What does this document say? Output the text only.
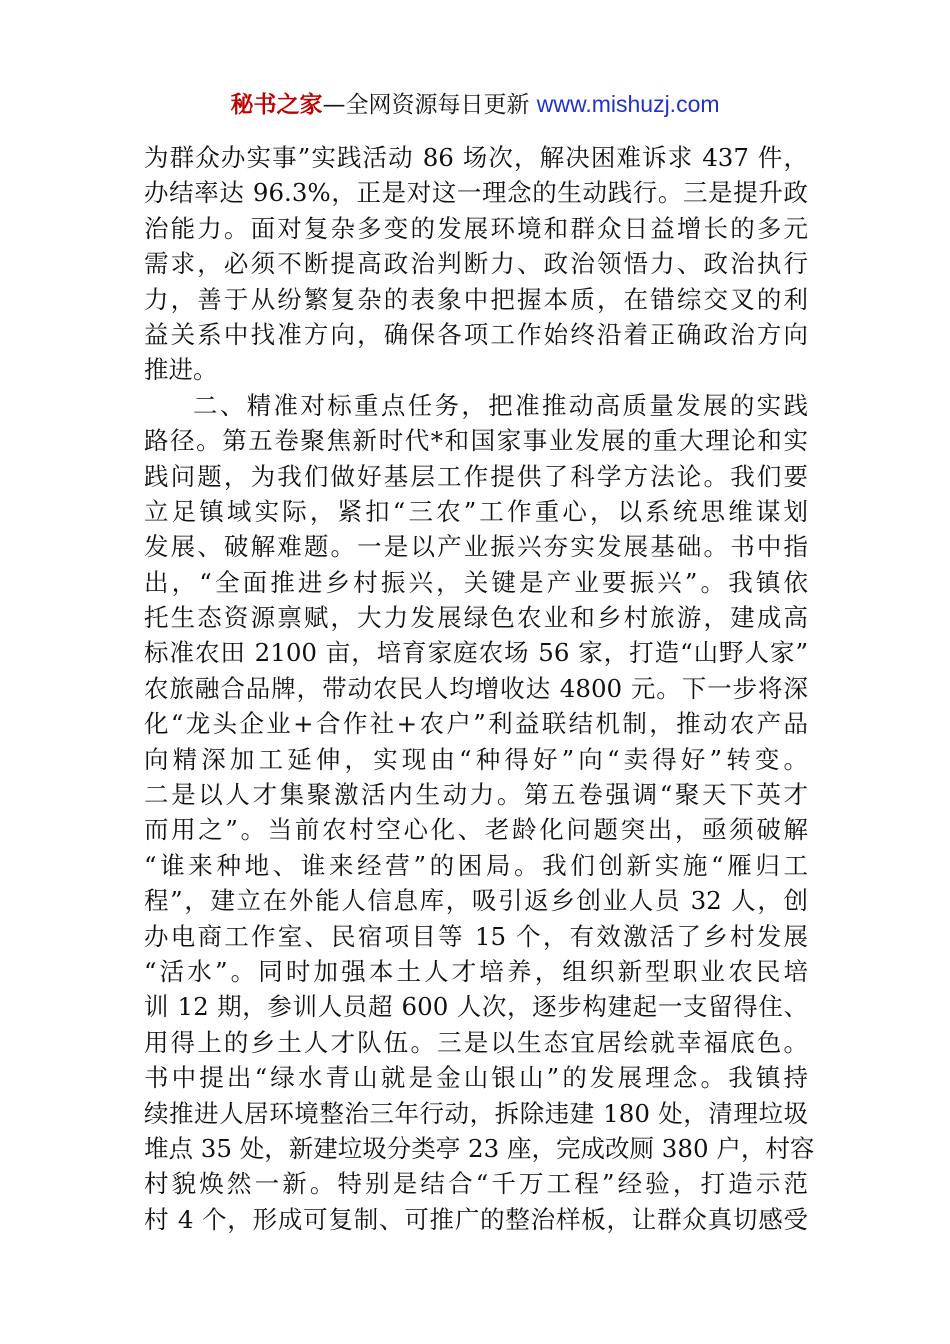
秘书之家—全网资源每日更新 www.mishuzj.com
为群众办实事”实践活动 86 场次，解决困难诉求 437 件，
办结率达 96.3%，正是对这一理念的生动践行。三是提升政
治能力。面对复杂多变的发展环境和群众日益增长的多元
需求，必须不断提高政治判断力、政治领悟力、政治执行
力，善于从纷繁复杂的表象中把握本质，在错综交叉的利
益关系中找准方向，确保各项工作始终沿着正确政治方向
推进。
二、精准对标重点任务，把准推动高质量发展的实践
路径。第五卷聚焦新时代*和国家事业发展的重大理论和实
践问题，为我们做好基层工作提供了科学方法论。我们要
立足镇域实际，紧扣“三农”工作重心，以系统思维谋划
发展、破解难题。一是以产业振兴夯实发展基础。书中指
出，“全面推进乡村振兴，关键是产业要振兴”。我镇依
托生态资源禀赋，大力发展绿色农业和乡村旅游，建成高
标准农田 2100 亩，培育家庭农场 56 家，打造“山野人家”
农旅融合品牌，带动农民人均增收达 4800 元。下一步将深
化“龙头企业+合作社+农户”利益联结机制，推动农产品
向精深加工延伸，实现由“种得好”向“卖得好”转变。
二是以人才集聚激活内生动力。第五卷强调“聚天下英才
而用之”。当前农村空心化、老龄化问题突出，亟须破解
“谁来种地、谁来经营”的困局。我们创新实施“雁归工
程”，建立在外能人信息库，吸引返乡创业人员 32 人，创
办电商工作室、民宿项目等 15 个，有效激活了乡村发展
“活水”。同时加强本土人才培养，组织新型职业农民培
训 12 期，参训人员超 600 人次，逐步构建起一支留得住、
用得上的乡土人才队伍。三是以生态宜居绘就幸福底色。
书中提出“绿水青山就是金山银山”的发展理念。我镇持
续推进人居环境整治三年行动，拆除违建 180 处，清理垃圾
堆点 35 处，新建垃圾分类亭 23 座，完成改厕 380 户，村容
村貌焕然一新。特别是结合“千万工程”经验，打造示范
村 4 个，形成可复制、可推广的整治样板，让群众真切感受
